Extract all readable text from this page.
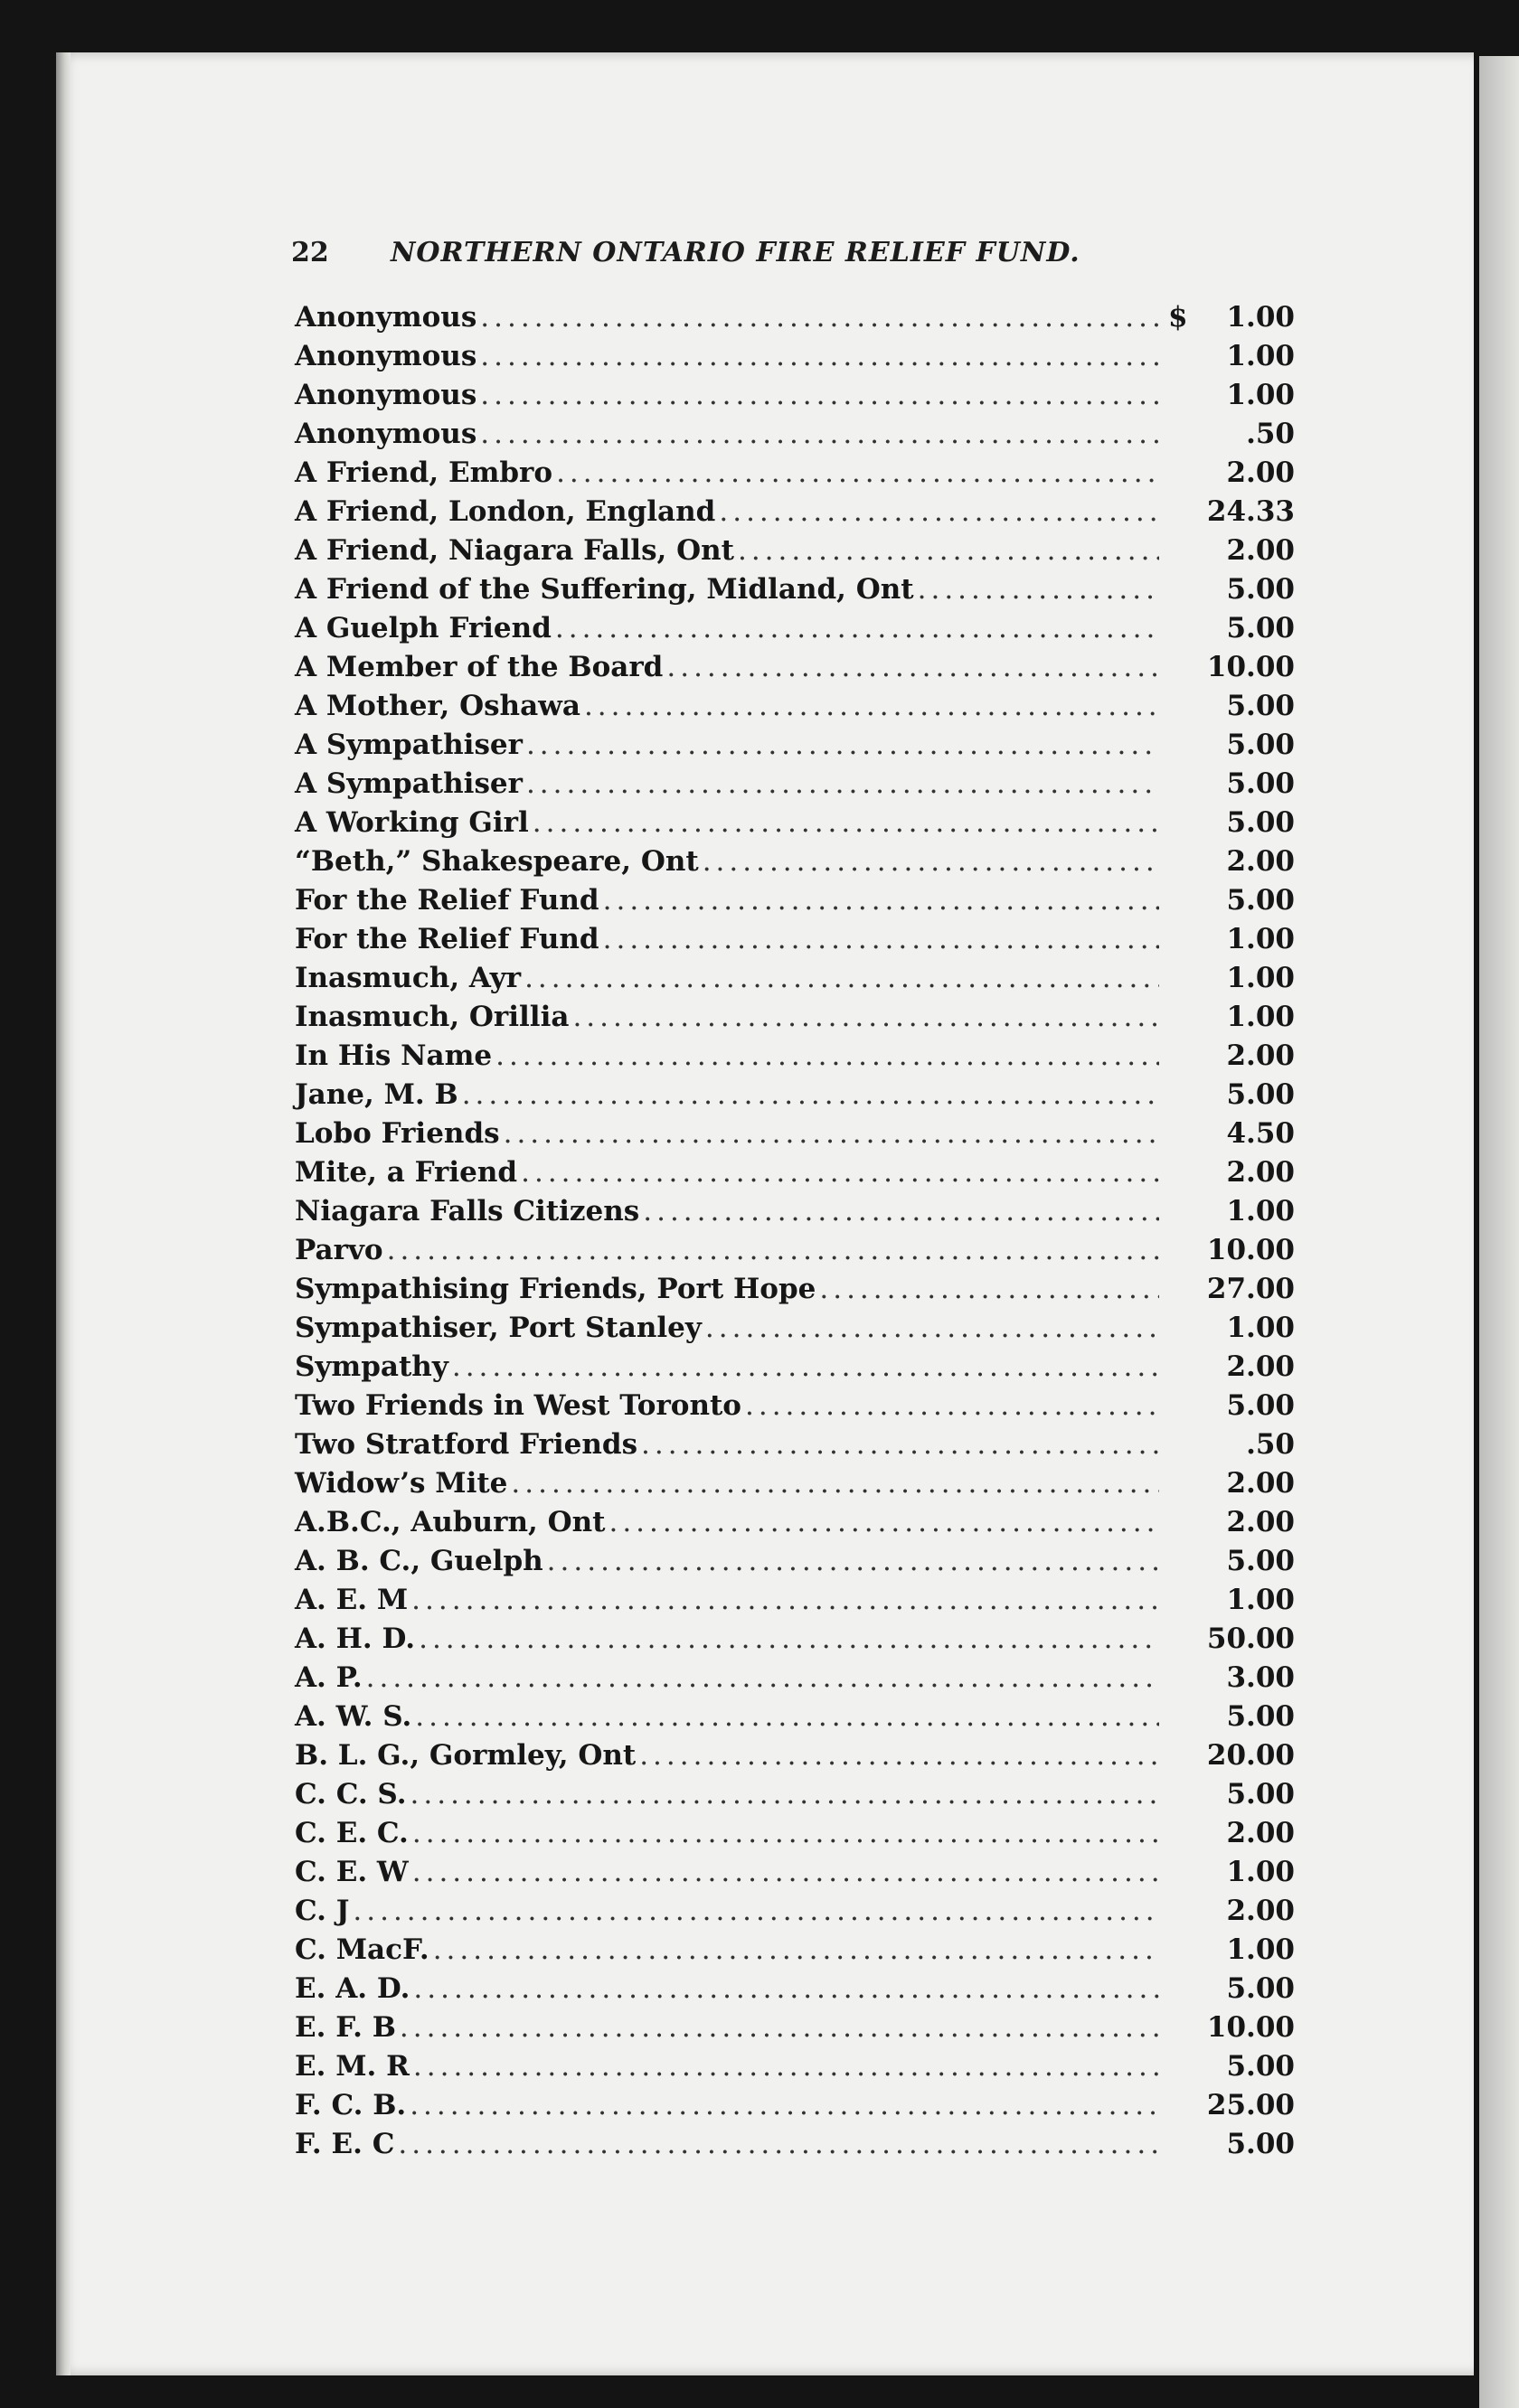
22	NORTHERN ONTARIO FIRE RELIEF FUND.
Anonymous .....	$	1.00
Anonymous .....	1.00
Anonymous .....	1.00
Anonymous .....	.50
A Friend, Embro .....	2.00
A Friend, London, England .....	24.33
A Friend, Niagara Falls, Ont .....	2.00
A Friend of the Suffering, Midland, Ont .....	5.00
A Guelph Friend .....	5.00
A Member of the Board .....	10.00
A Mother, Oshawa .....	5.00
A Sympathiser .....	5.00
A Sympathiser .....	5.00
A Working Girl .....	5.00
“Beth,” Shakespeare, Ont .....	2.00
For the Relief Fund .....	5.00
For the Relief Fund .....	1.00
Inasmuch, Ayr .....	1.00
Inasmuch, Orillia .....	1.00
In His Name .....	2.00
Jane, M. B .....	5.00
Lobo Friends .....	4.50
Mite, a Friend .....	2.00
Niagara Falls Citizens .....	1.00
Parvo .....	10.00
Sympathising Friends, Port Hope .....	27.00
Sympathiser, Port Stanley .....	1.00
Sympathy .....	2.00
Two Friends in West Toronto .....	5.00
Two Stratford Friends .....	.50
Widow’s Mite .....	2.00
A.B.C., Auburn, Ont .....	2.00
A. B. C., Guelph .....	5.00
A. E. M .....	1.00
A. H. D. .....	50.00
A. P. .....	3.00
A. W. S. .....	5.00
B. L. G., Gormley, Ont .....	20.00
C. C. S. .....	5.00
C. E. C. .....	2.00
C. E. W .....	1.00
C. J .....	2.00
C. MacF. .....	1.00
E. A. D. .....	5.00
E. F. B .....	10.00
E. M. R .....	5.00
F. C. B. .....	25.00
F. E. C .....	5.00
